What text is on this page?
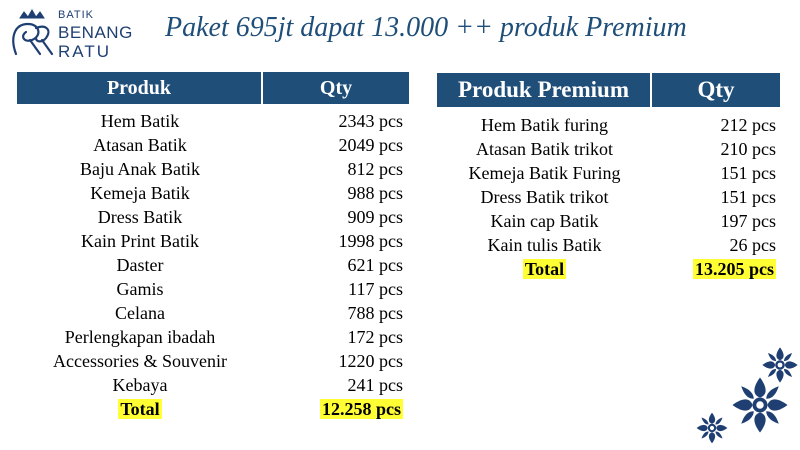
BATIK
BENANG
RATU
Paket 695jt dapat 13.000 ++ produk Premium
Produk	Qty
Hem Batik	2343 pcs
Atasan Batik	2049 pcs
Baju Anak Batik	812 pcs
Kemeja Batik	988 pcs
Dress Batik	909 pcs
Kain Print Batik	1998 pcs
Daster	621 pcs
Gamis	117 pcs
Celana	788 pcs
Perlengkapan ibadah	172 pcs
Accessories & Souvenir	1220 pcs
Kebaya	241 pcs
Total	12.258 pcs
Produk Premium	Qty
Hem Batik furing	212 pcs
Atasan Batik trikot	210 pcs
Kemeja Batik Furing	151 pcs
Dress Batik trikot	151 pcs
Kain cap Batik	197 pcs
Kain tulis Batik	26 pcs
Total	13.205 pcs
